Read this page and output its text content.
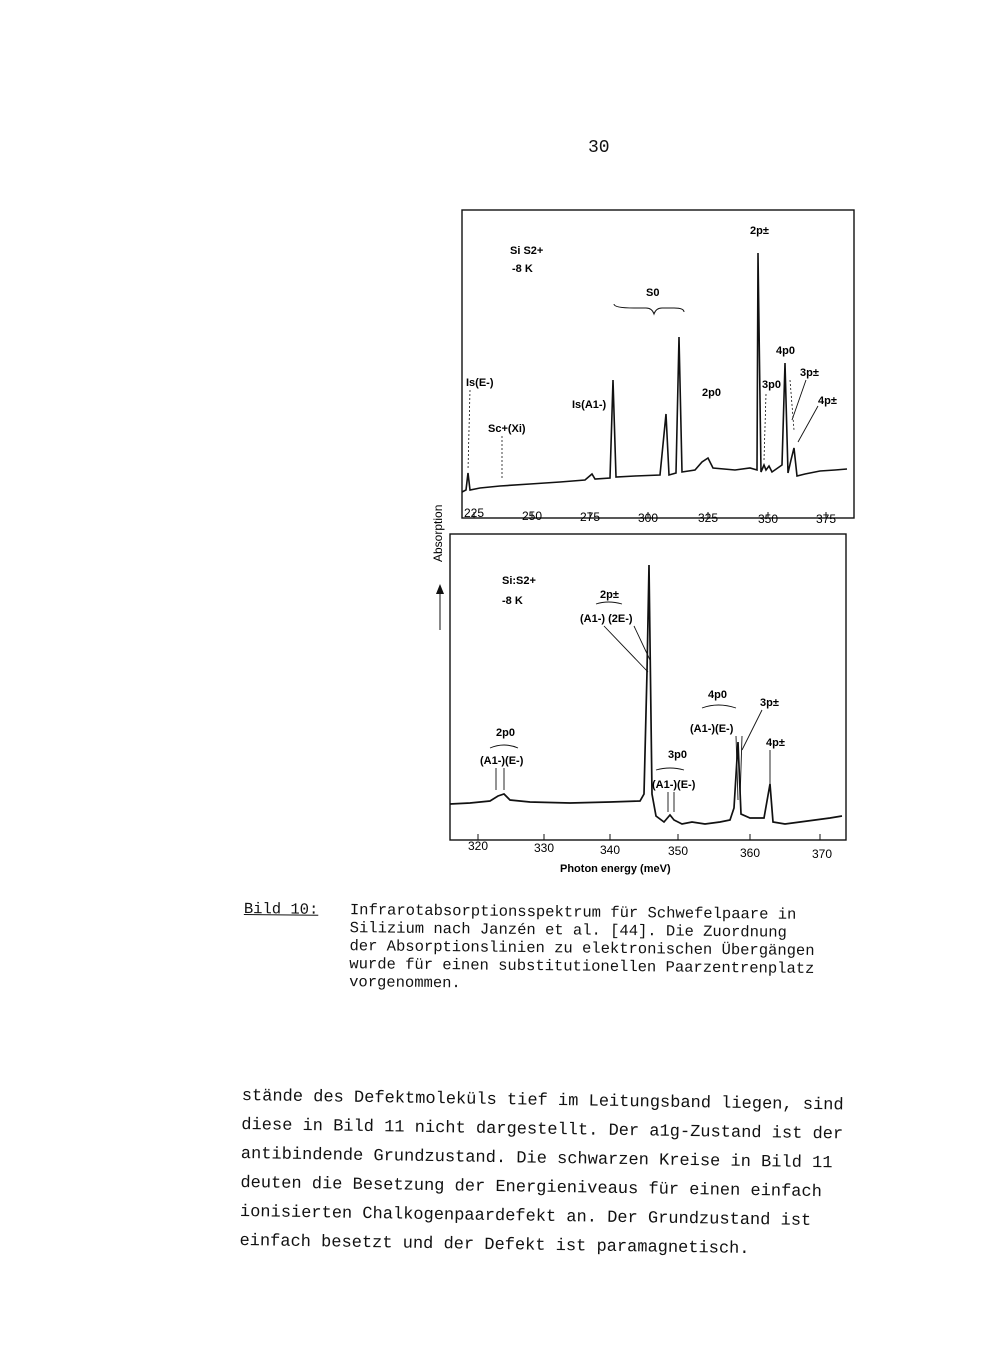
30
225	250	275	300	325	350	375
Si S2+
-8 K
S0
Is(E-)
Sc+(Xi)
Is(A1-)
2p0
2p±
4p0
3p0
3p±
4p±
Absorption
320	330	340	350	360	370
Photon energy (meV)
Si:S2+
-8 K	2p±
(A1-) (2E-)
2p0
(A1-)(E-)	3p0
(A1-)(E-)
4p0
(A1-)(E-)
3p±
4p±
Bild 10: Infrarotabsorptionsspektrum für Schwefelpaare in
Silizium nach Janzén et al. [44]. Die Zuordnung
der Absorptionslinien zu elektronischen Übergängen
wurde für einen substitutionellen Paarzentrenplatz
vorgenommen.
stände des Defektmoleküls tief im Leitungsband liegen, sind
diese in Bild 11 nicht dargestellt. Der a1g-Zustand ist der
antibindende Grundzustand. Die schwarzen Kreise in Bild 11
deuten die Besetzung der Energieniveaus für einen einfach
ionisierten Chalkogenpaardefekt an. Der Grundzustand ist
einfach besetzt und der Defekt ist paramagnetisch.
